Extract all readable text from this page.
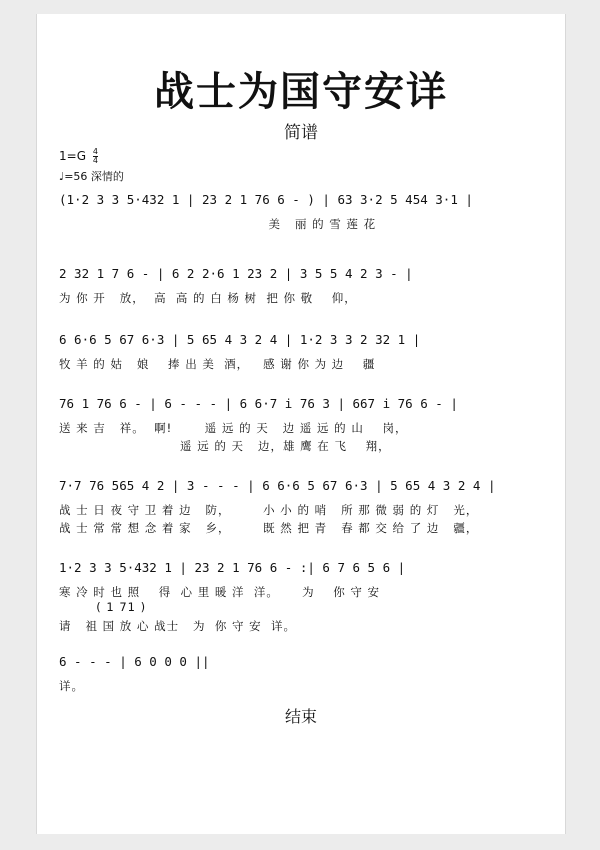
战士为国守安详
简谱
$1=G \frac{4}{4}$
♩=56 深情的
(1·2 3 3 5·432 1 | 23 2 1 76 6 - ) | 63 3·2 5 454 3·1 |
美   丽 的 雪 莲 花
2 32 1 7 6 - | 6 2 2·6 1 23 2 | 3 5 5 4 2 3 - |
为 你 开   放，  高  高 的 白 杨 树  把 你 敬    仰，
6 6·6 5 67 6·3 | 5 65 4 3 2 4 | 1·2 3 3 2 32 1 |
牧 羊 的 姑   娘    捧 出 美  酒，   感 谢 你 为 边    疆
76 1 76 6 - | 6 - - - | 6 6·7 i 76 3 | 667 i 76 6 - |
送 来 吉   祥。  啊!       遥 远 的 天   边 遥 远 的 山    岗，
遥 远 的 天   边，雄 鹰 在 飞    翔，
7·7 76 565 4 2 | 3 - - - | 6 6·6 5 67 6·3 | 5 65 4 3 2 4 |
战 士 日 夜 守 卫 着 边   防，       小 小 的 哨   所 那 微 弱 的 灯   光，
战 士 常 常 想 念 着 家   乡，       既 然 把 青   春 都 交 给 了 边   疆，
1·2 3 3 5·432 1 | 23 2 1 76 6 - :| 6 7 6 5 6 |
寒 冷 时 也 照    得  心 里 暖 洋  洋。     为    你 守 安
( 1 71 )
请   祖 国 放 心 战士   为  你 守 安  详。
6 - - - | 6 0 0 0 ||
详。
结束
